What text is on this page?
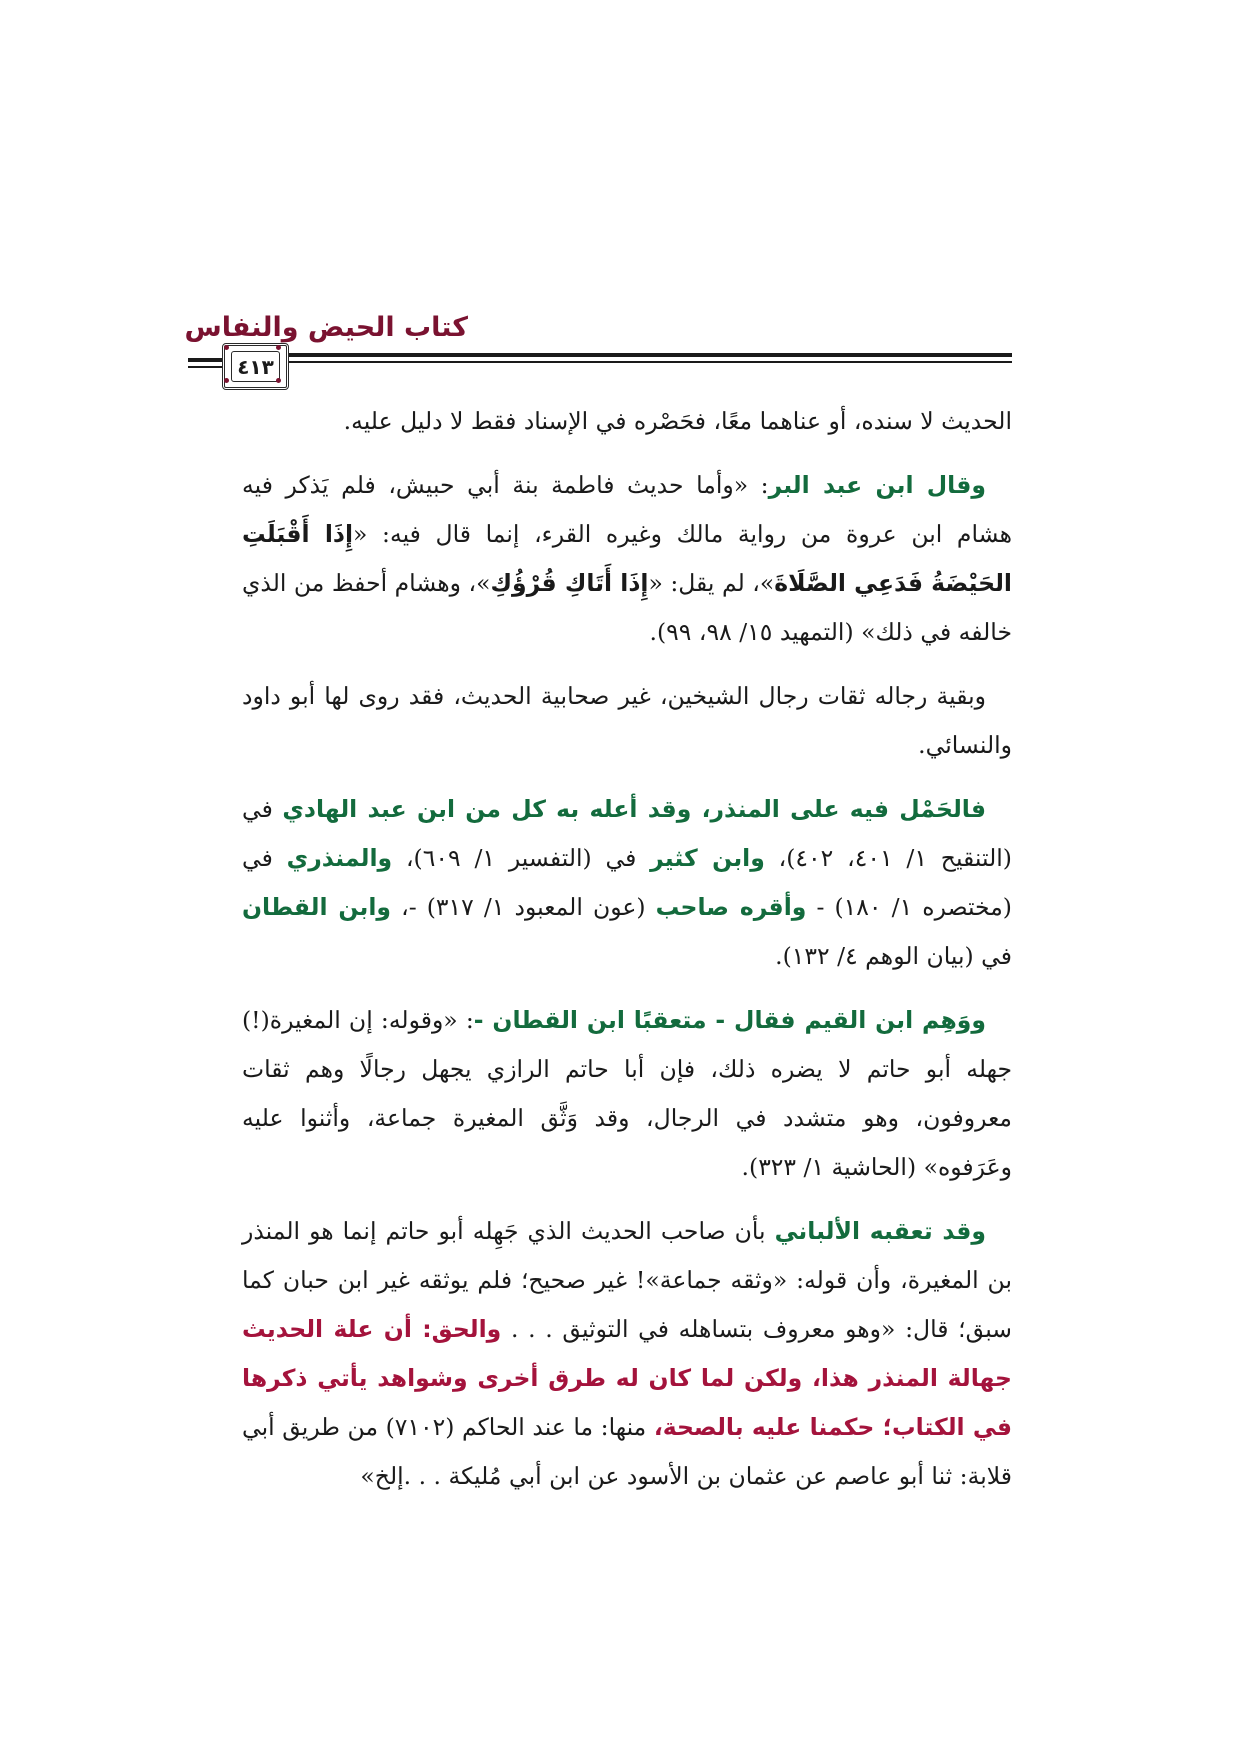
كتاب الحيض والنفاس
٤١٣

الحديث لا سنده، أو عناهما معًا، فحَصْره في الإسناد فقط لا دليل عليه.

وقال ابن عبد البر: «وأما حديث فاطمة بنة أبي حبيش، فلم يَذكر فيه هشام ابن عروة من رواية مالك وغيره القرء، إنما قال فيه: «إِذَا أَقْبَلَتِ الحَيْضَةُ فَدَعِي الصَّلَاةَ»، لم يقل: «إِذَا أَتَاكِ قُرْؤُكِ»، وهشام أحفظ من الذي خالفه في ذلك» (التمهيد ١٥/ ٩٨، ٩٩).

وبقية رجاله ثقات رجال الشيخين، غير صحابية الحديث، فقد روى لها أبو داود والنسائي.

فالحَمْل فيه على المنذر، وقد أعله به كل من ابن عبد الهادي في (التنقيح ١/ ٤٠١، ٤٠٢)، وابن كثير في (التفسير ١/ ٦٠٩)، والمنذري في (مختصره ١/ ١٨٠) - وأقره صاحب (عون المعبود ١/ ٣١٧) -، وابن القطان في (بيان الوهم ٤/ ١٣٢).

ووَهِم ابن القيم فقال - متعقبًا ابن القطان -: «وقوله: إن المغيرة(!) جهله أبو حاتم لا يضره ذلك، فإن أبا حاتم الرازي يجهل رجالًا وهم ثقات معروفون، وهو متشدد في الرجال، وقد وَثَّق المغيرة جماعة، وأثنوا عليه وعَرَفوه» (الحاشية ١/ ٣٢٣).

وقد تعقبه الألباني بأن صاحب الحديث الذي جَهِله أبو حاتم إنما هو المنذر بن المغيرة، وأن قوله: «وثقه جماعة»! غير صحيح؛ فلم يوثقه غير ابن حبان كما سبق؛ قال: «وهو معروف بتساهله في التوثيق . . . والحق: أن علة الحديث جهالة المنذر هذا، ولكن لما كان له طرق أخرى وشواهد يأتي ذكرها في الكتاب؛ حكمنا عليه بالصحة، منها: ما عند الحاكم (٧١٠٢) من طريق أبي قلابة: ثنا أبو عاصم عن عثمان بن الأسود عن ابن أبي مُليكة . . .إلخ»
